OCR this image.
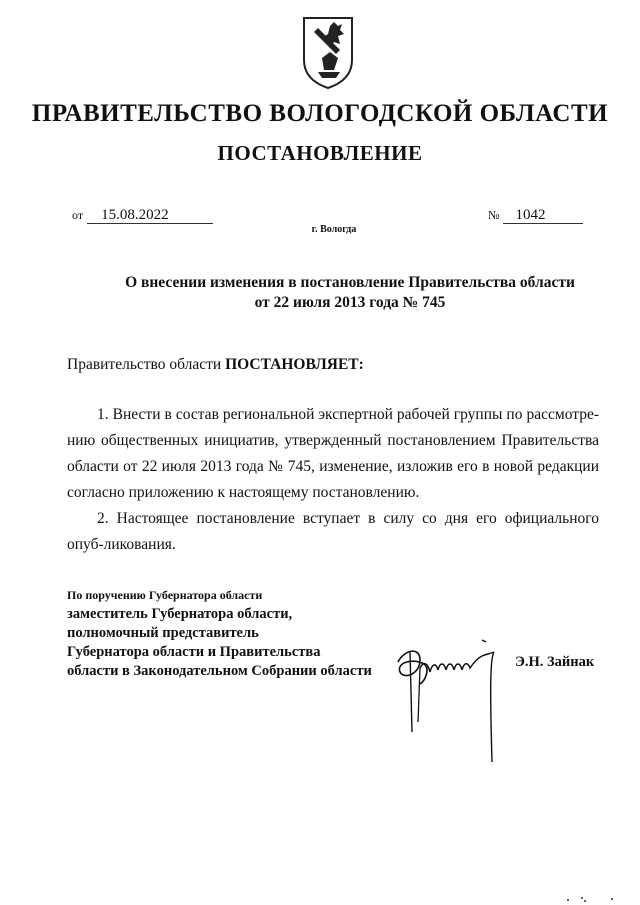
ПРАВИТЕЛЬСТВО ВОЛОГОДСКОЙ ОБЛАСТИ
ПОСТАНОВЛЕНИЕ
от 15.08.2022	№ 1042
г. Вологда
О внесении изменения в постановление Правительства области
от 22 июля 2013 года № 745
Правительство области ПОСТАНОВЛЯЕТ:

1. Внести в состав региональной экспертной рабочей группы по рассмотре-нию общественных инициатив, утвержденный постановлением Правительства области от 22 июля 2013 года № 745, изменение, изложив его в новой редакции согласно приложению к настоящему постановлению.

2. Настоящее постановление вступает в силу со дня его официального опуб-ликования.

По поручению Губернатора области
заместитель Губернатора области,
полномочный представитель
Губернатора области и Правительства
области в Законодательном Собрании области
Э.Н. Зайнак
